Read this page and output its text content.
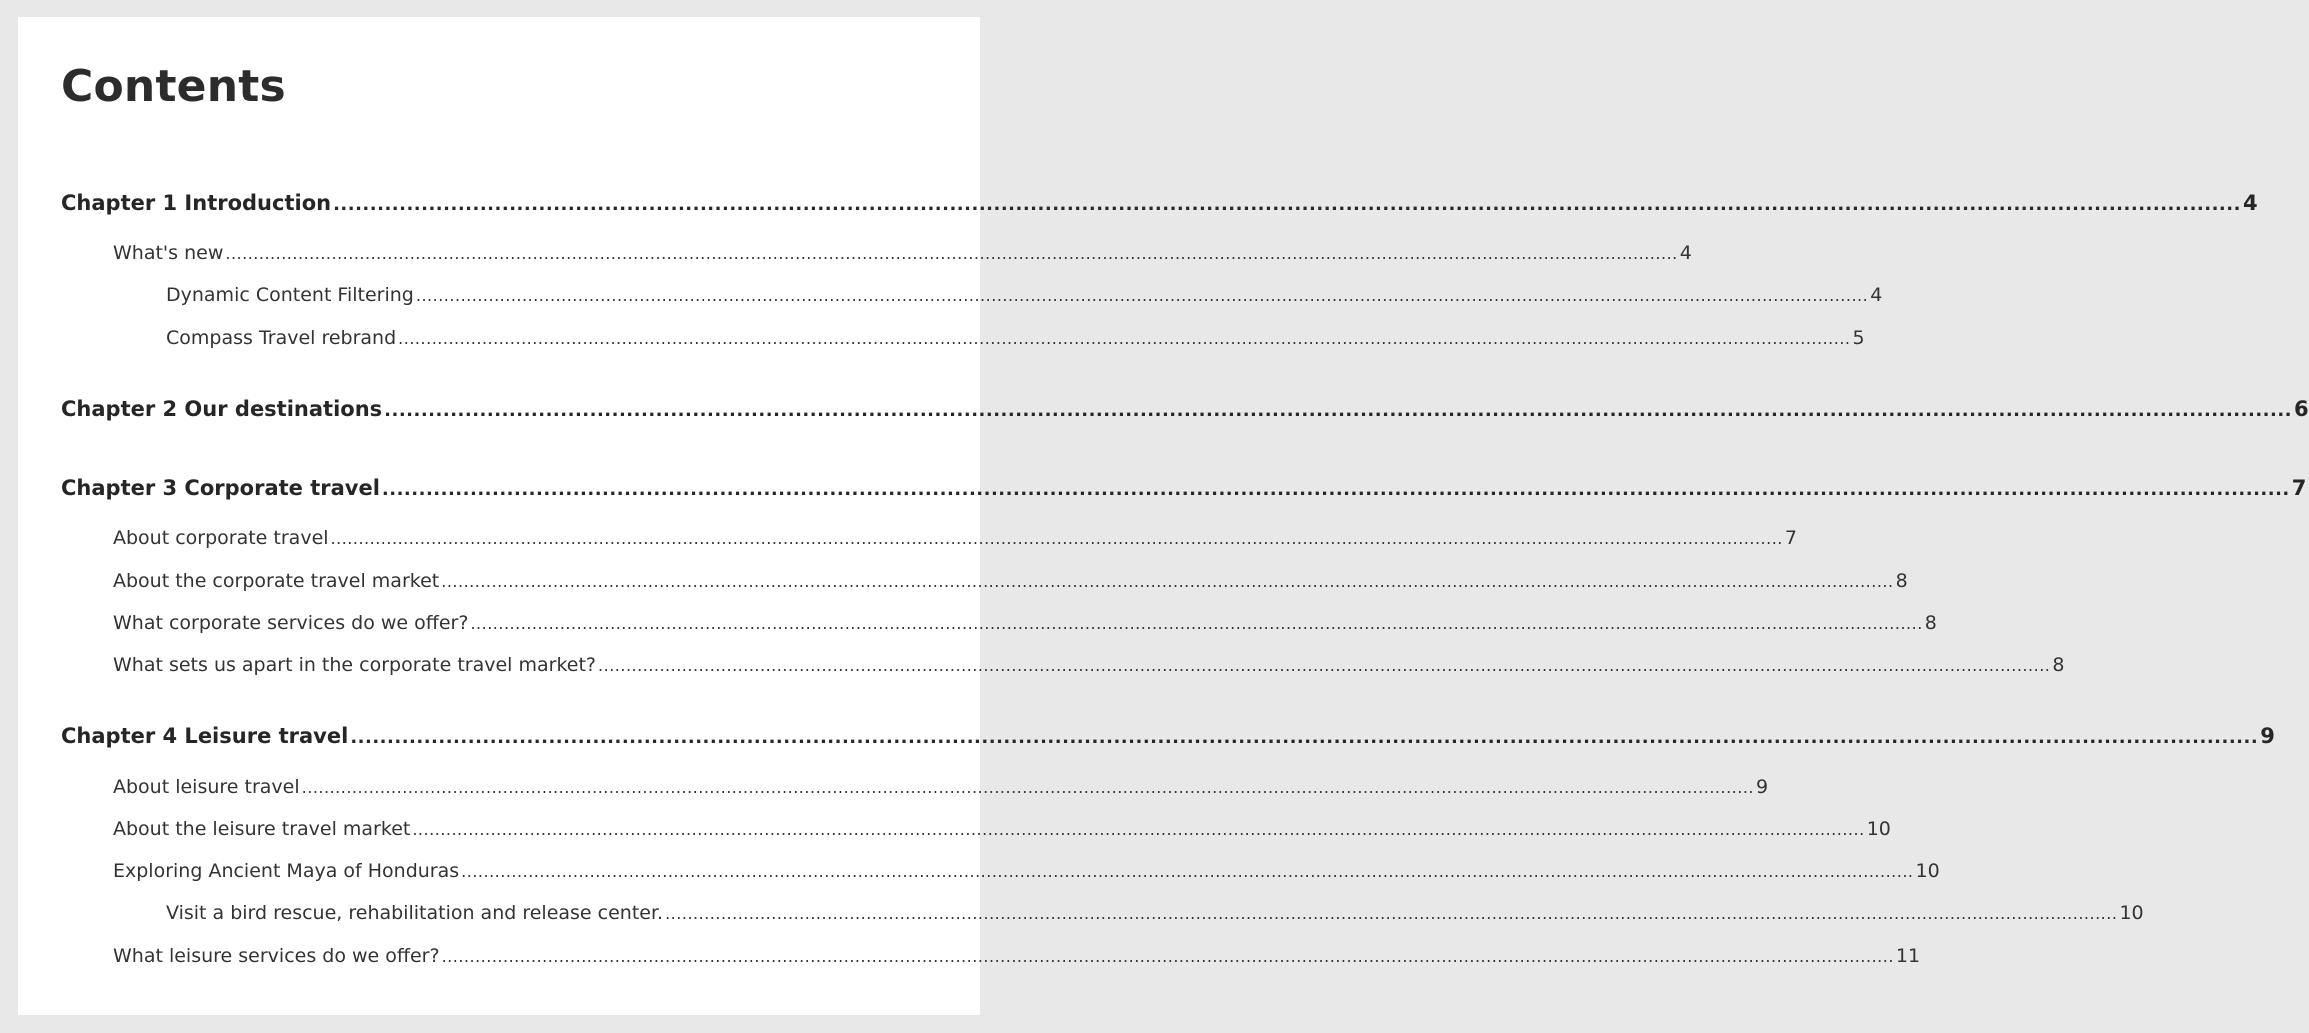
Contents
Chapter 1 Introduction .................................................................................................................................................................................................................................................................... 4
What's new .................................................................................................................................................................................................................................................................... 4
Dynamic Content Filtering .................................................................................................................................................................................................................................................................... 4
Compass Travel rebrand .................................................................................................................................................................................................................................................................... 5
Chapter 2 Our destinations .................................................................................................................................................................................................................................................................... 6
Chapter 3 Corporate travel .................................................................................................................................................................................................................................................................... 7
About corporate travel .................................................................................................................................................................................................................................................................... 7
About the corporate travel market .................................................................................................................................................................................................................................................................... 8
What corporate services do we offer? .................................................................................................................................................................................................................................................................... 8
What sets us apart in the corporate travel market? .................................................................................................................................................................................................................................................................... 8
Chapter 4 Leisure travel .................................................................................................................................................................................................................................................................... 9
About leisure travel .................................................................................................................................................................................................................................................................... 9
About the leisure travel market .................................................................................................................................................................................................................................................................... 10
Exploring Ancient Maya of Honduras .................................................................................................................................................................................................................................................................... 10
Visit a bird rescue, rehabilitation and release center. .................................................................................................................................................................................................................................................................... 10
What leisure services do we offer? .................................................................................................................................................................................................................................................................... 11
